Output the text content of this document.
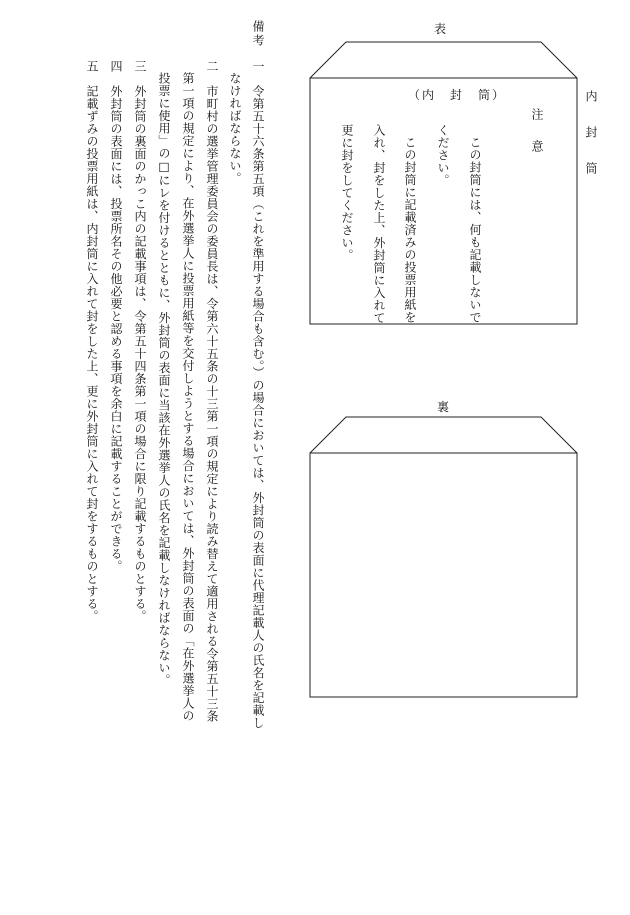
表
内　封　筒
（内　封　筒）
注　意
この封筒には、何も記載しないで
ください。
この封筒に記載済みの投票用紙を
入れ、封をした上、外封筒に入れて
更に封をしてください。
裏
備考
一　令第五十六条第五項（これを準用する場合も含む。）の場合においては、外封筒の表面に代理記載人の氏名を記載し
なければならない。
二　市町村の選挙管理委員会の委員長は、令第六十五条の十三第一項の規定により読み替えて適用される令第五十三条
第一項の規定により、在外選挙人に投票用紙等を交付しようとする場合においては、外封筒の表面の「在外選挙人の
投票に使用」の□にレを付けるとともに、外封筒の表面に当該在外選挙人の氏名を記載しなければならない。
三　外封筒の裏面のかっこ内の記載事項は、令第五十四条第一項の場合に限り記載するものとする。
四　外封筒の表面には、投票所名その他必要と認める事項を余白に記載することができる。
五　記載ずみの投票用紙は、内封筒に入れて封をした上、更に外封筒に入れて封をするものとする。
